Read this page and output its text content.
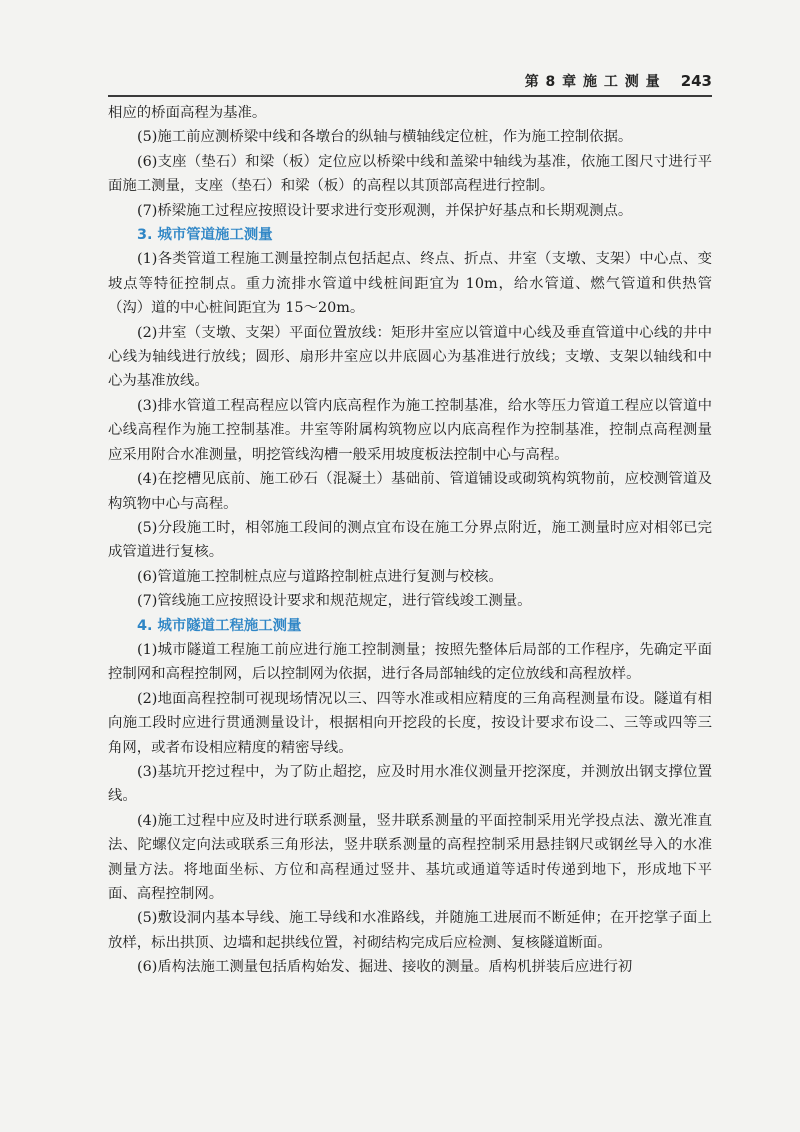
第 8 章 施 工 测 量 243

相应的桥面高程为基准。

(5)施工前应测桥梁中线和各墩台的纵轴与横轴线定位桩，作为施工控制依据。

(6)支座（垫石）和梁（板）定位应以桥梁中线和盖梁中轴线为基准，依施工图尺寸进行平面施工测量，支座（垫石）和梁（板）的高程以其顶部高程进行控制。

(7)桥梁施工过程应按照设计要求进行变形观测，并保护好基点和长期观测点。

3. 城市管道施工测量

(1)各类管道工程施工测量控制点包括起点、终点、折点、井室（支墩、支架）中心点、变坡点等特征控制点。重力流排水管道中线桩间距宜为 10m，给水管道、燃气管道和供热管（沟）道的中心桩间距宜为 15～20m。

(2)井室（支墩、支架）平面位置放线：矩形井室应以管道中心线及垂直管道中心线的井中心线为轴线进行放线；圆形、扇形井室应以井底圆心为基准进行放线；支墩、支架以轴线和中心为基准放线。

(3)排水管道工程高程应以管内底高程作为施工控制基准，给水等压力管道工程应以管道中心线高程作为施工控制基准。井室等附属构筑物应以内底高程作为控制基准，控制点高程测量应采用附合水准测量，明挖管线沟槽一般采用坡度板法控制中心与高程。

(4)在挖槽见底前、施工砂石（混凝土）基础前、管道铺设或砌筑构筑物前，应校测管道及构筑物中心与高程。

(5)分段施工时，相邻施工段间的测点宜布设在施工分界点附近，施工测量时应对相邻已完成管道进行复核。

(6)管道施工控制桩点应与道路控制桩点进行复测与校核。

(7)管线施工应按照设计要求和规范规定，进行管线竣工测量。

4. 城市隧道工程施工测量

(1)城市隧道工程施工前应进行施工控制测量；按照先整体后局部的工作程序，先确定平面控制网和高程控制网，后以控制网为依据，进行各局部轴线的定位放线和高程放样。

(2)地面高程控制可视现场情况以三、四等水准或相应精度的三角高程测量布设。隧道有相向施工段时应进行贯通测量设计，根据相向开挖段的长度，按设计要求布设二、三等或四等三角网，或者布设相应精度的精密导线。

(3)基坑开挖过程中，为了防止超挖，应及时用水准仪测量开挖深度，并测放出钢支撑位置线。

(4)施工过程中应及时进行联系测量，竖井联系测量的平面控制采用光学投点法、激光准直法、陀螺仪定向法或联系三角形法，竖井联系测量的高程控制采用悬挂钢尺或钢丝导入的水准测量方法。将地面坐标、方位和高程通过竖井、基坑或通道等适时传递到地下，形成地下平面、高程控制网。

(5)敷设洞内基本导线、施工导线和水准路线，并随施工进展而不断延伸；在开挖掌子面上放样，标出拱顶、边墙和起拱线位置，衬砌结构完成后应检测、复核隧道断面。

(6)盾构法施工测量包括盾构始发、掘进、接收的测量。盾构机拼装后应进行初
